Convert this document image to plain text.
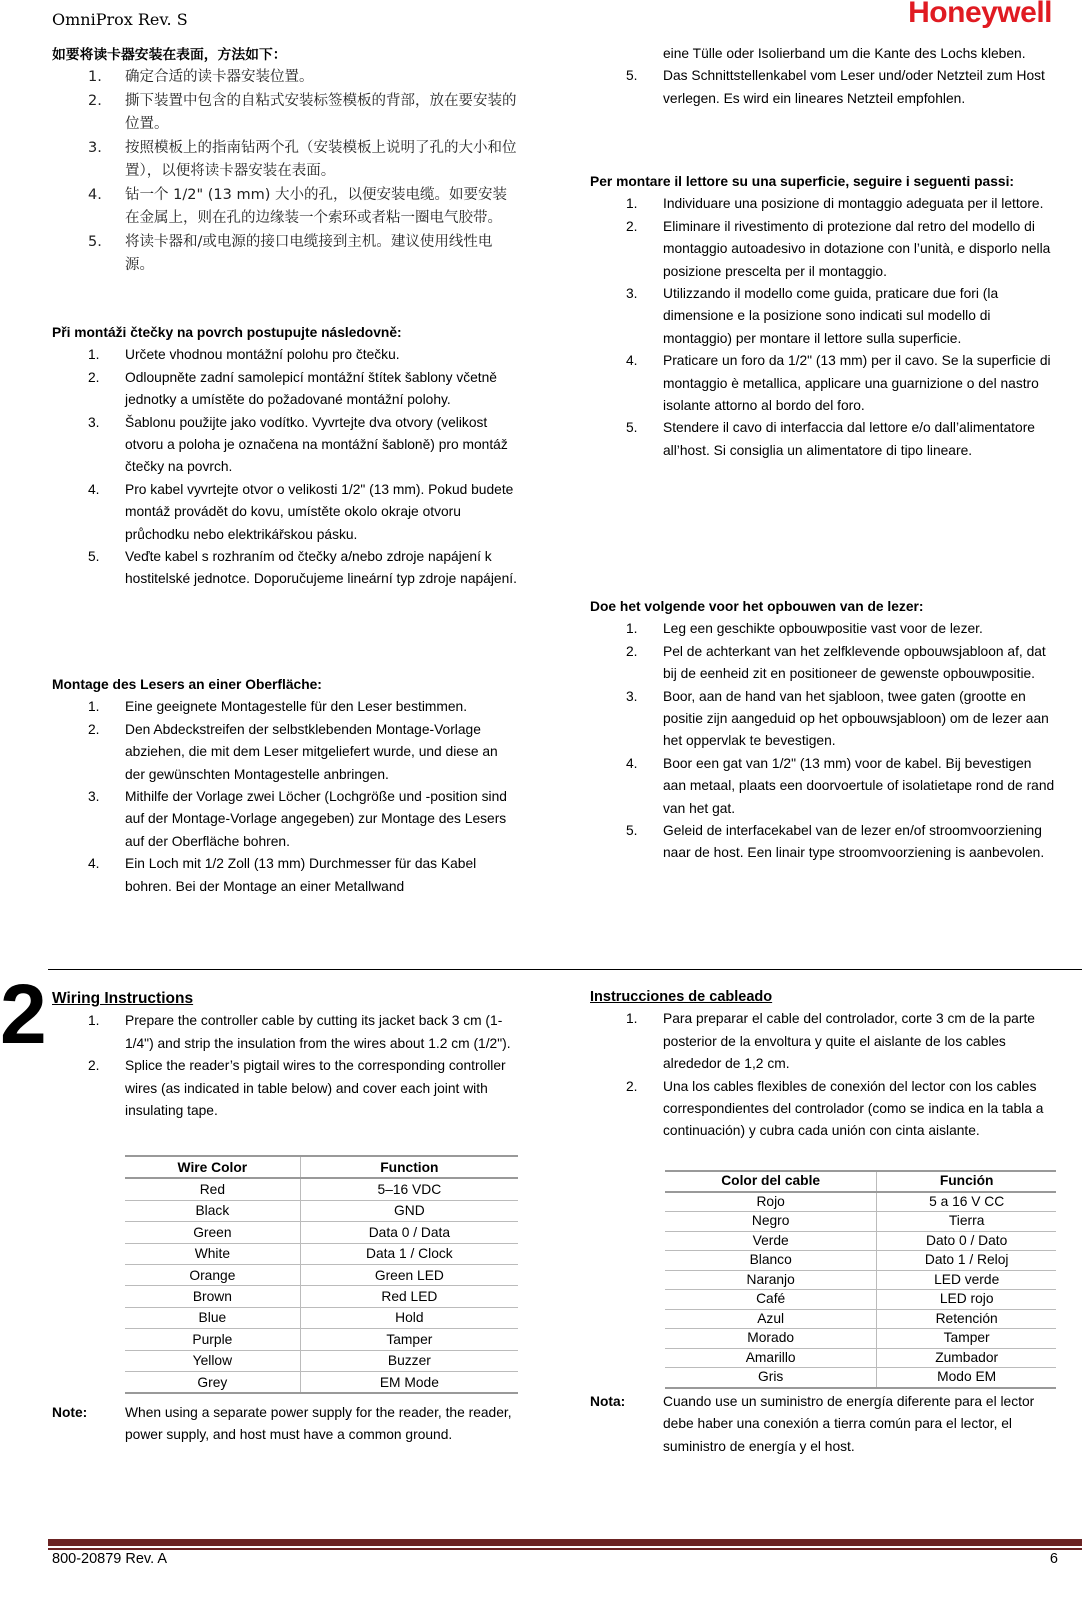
OmniProx Rev. S	Honeywell
如要将读卡器安装在表面，方法如下：
1. 确定合适的读卡器安装位置。
2. 撕下装置中包含的自粘式安装标签模板的背部，放在要安装的位置。
3. 按照模板上的指南钻两个孔（安装模板上说明了孔的大小和位置），以便将读卡器安装在表面。
4. 钻一个 1/2" (13 mm) 大小的孔，以便安装电缆。如要安装在金属上，则在孔的边缘装一个索环或者粘一圈电气胶带。
5. 将读卡器和/或电源的接口电缆接到主机。建议使用线性电源。
Při montáži čtečky na povrch postupujte následovně:
1. Určete vhodnou montážní polohu pro čtečku.
2. Odloupněte zadní samolepicí montážní štítek šablony včetně jednotky a umístěte do požadované montážní polohy.
3. Šablonu použijte jako vodítko. Vyvrtejte dva otvory (velikost otvoru a poloha je označena na montážní šabloně) pro montáž čtečky na povrch.
4. Pro kabel vyvrtejte otvor o velikosti 1/2" (13 mm). Pokud budete montáž provádět do kovu, umístěte okolo okraje otvoru průchodku nebo elektrikářskou pásku.
5. Veďte kabel s rozhraním od čtečky a/nebo zdroje napájení k hostitelské jednotce. Doporučujeme lineární typ zdroje napájení.
Montage des Lesers an einer Oberfläche:
1. Eine geeignete Montagestelle für den Leser bestimmen.
2. Den Abdeckstreifen der selbstklebenden Montage-Vorlage abziehen, die mit dem Leser mitgeliefert wurde, und diese an der gewünschten Montagestelle anbringen.
3. Mithilfe der Vorlage zwei Löcher (Lochgröße und -position sind auf der Montage-Vorlage angegeben) zur Montage des Lesers auf der Oberfläche bohren.
4. Ein Loch mit 1/2 Zoll (13 mm) Durchmesser für das Kabel bohren. Bei der Montage an einer Metallwand
eine Tülle oder Isolierband um die Kante des Lochs kleben.
5. Das Schnittstellenkabel vom Leser und/oder Netzteil zum Host verlegen. Es wird ein lineares Netzteil empfohlen.
Per montare il lettore su una superficie, seguire i seguenti passi:
1. Individuare una posizione di montaggio adeguata per il lettore.
2. Eliminare il rivestimento di protezione dal retro del modello di montaggio autoadesivo in dotazione con l’unità, e disporlo nella posizione prescelta per il montaggio.
3. Utilizzando il modello come guida, praticare due fori (la dimensione e la posizione sono indicati sul modello di montaggio) per montare il lettore sulla superficie.
4. Praticare un foro da 1/2" (13 mm) per il cavo. Se la superficie di montaggio è metallica, applicare una guarnizione o del nastro isolante attorno al bordo del foro.
5. Stendere il cavo di interfaccia dal lettore e/o dall’alimentatore all’host. Si consiglia un alimentatore di tipo lineare.
Doe het volgende voor het opbouwen van de lezer:
1. Leg een geschikte opbouwpositie vast voor de lezer.
2. Pel de achterkant van het zelfklevende opbouwsjabloon af, dat bij de eenheid zit en positioneer de gewenste opbouwpositie.
3. Boor, aan de hand van het sjabloon, twee gaten (grootte en positie zijn aangeduid op het opbouwsjabloon) om de lezer aan het oppervlak te bevestigen.
4. Boor een gat van 1/2" (13 mm) voor de kabel. Bij bevestigen aan metaal, plaats een doorvoertule of isolatietape rond de rand van het gat.
5. Geleid de interfacekabel van de lezer en/of stroomvoorziening naar de host. Een linair type stroomvoorziening is aanbevolen.
2 Wiring Instructions
1. Prepare the controller cable by cutting its jacket back 3 cm (1-1/4") and strip the insulation from the wires about 1.2 cm (1/2").
2. Splice the reader’s pigtail wires to the corresponding controller wires (as indicated in table below) and cover each joint with insulating tape.
Wire Color	Function
Red	5–16 VDC
Black	GND
Green	Data 0 / Data
White	Data 1 / Clock
Orange	Green LED
Brown	Red LED
Blue	Hold
Purple	Tamper
Yellow	Buzzer
Grey	EM Mode
Note:	When using a separate power supply for the reader, the reader, power supply, and host must have a common ground.
Instrucciones de cableado
1. Para preparar el cable del controlador, corte 3 cm de la parte posterior de la envoltura y quite el aislante de los cables alrededor de 1,2 cm.
2. Una los cables flexibles de conexión del lector con los cables correspondientes del controlador (como se indica en la tabla a continuación) y cubra cada unión con cinta aislante.
Color del cable	Función
Rojo	5 a 16 V CC
Negro	Tierra
Verde	Dato 0 / Dato
Blanco	Dato 1 / Reloj
Naranjo	LED verde
Café	LED rojo
Azul	Retención
Morado	Tamper
Amarillo	Zumbador
Gris	Modo EM
Nota:	Cuando use un suministro de energía diferente para el lector debe haber una conexión a tierra común para el lector, el suministro de energía y el host.
800-20879 Rev. A	6
